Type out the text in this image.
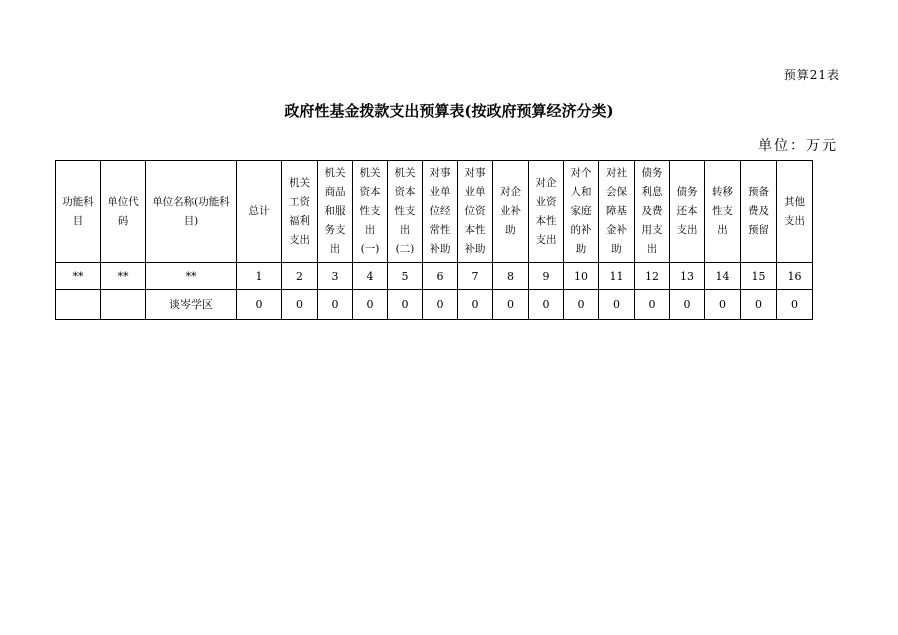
预算21表
政府性基金拨款支出预算表(按政府预算经济分类)
单位：万元
功能科目	单位代码	单位名称(功能科目)	总计	机关工资福利支出	机关商品和服务支出	机关资本性支出(一)	机关资本性支出(二)	对事业单位经常性补助	对事业单位资本性补助	对企业补助	对企业资本性支出	对个人和家庭的补助	对社会保障基金补助	债务利息及费用支出	债务还本支出	转移性支出	预备费及预留	其他支出
**	**	**	1	2	3	4	5	6	7	8	9	10	11	12	13	14	15	16
		谈岑学区	0	0	0	0	0	0	0	0	0	0	0	0	0	0	0	0
